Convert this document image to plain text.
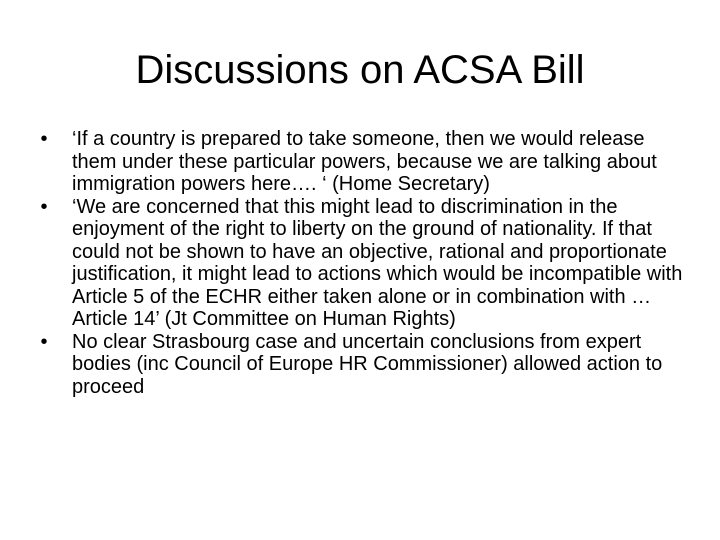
Discussions on ACSA Bill
• ‘If a country is prepared to take someone, then we would release them under these particular powers, because we are talking about immigration powers here…. ‘ (Home Secretary)
• ‘We are concerned that this might lead to discrimination in the enjoyment of the right to liberty on the ground of nationality. If that could not be shown to have an objective, rational and proportionate justification, it might lead to actions which would be incompatible with Article 5 of the ECHR either taken alone or in combination with …Article 14’ (Jt Committee on Human Rights)
• No clear Strasbourg case and uncertain conclusions from expert bodies (inc Council of Europe HR Commissioner) allowed action to proceed
